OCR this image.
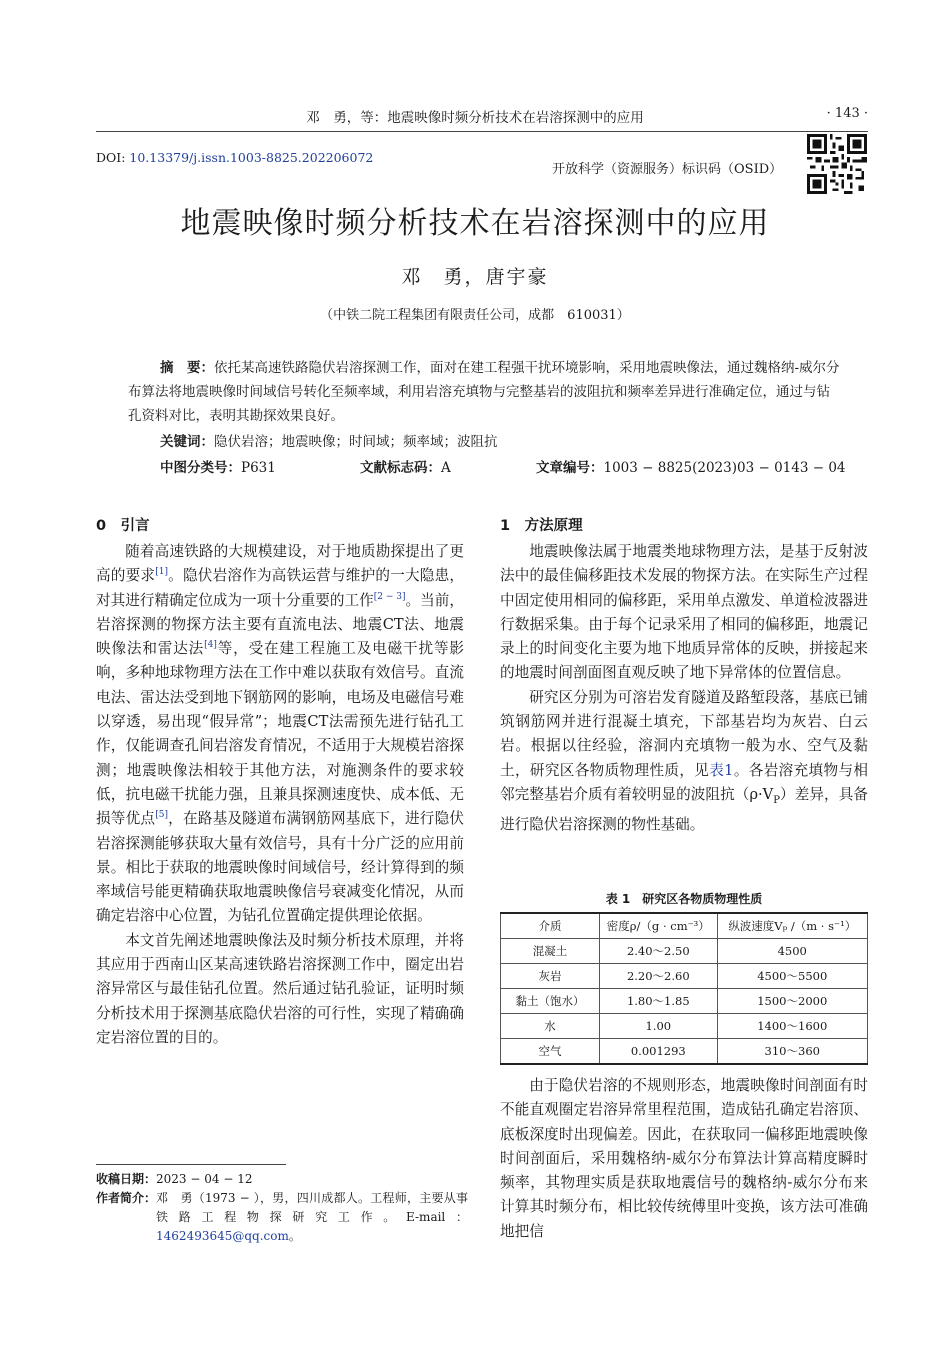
邓　勇，等：地震映像时频分析技术在岩溶探测中的应用	· 143 ·
DOI: 10.13379/j.issn.1003-8825.202206072
开放科学（资源服务）标识码（OSID）
地震映像时频分析技术在岩溶探测中的应用
邓　勇，唐宇豪
（中铁二院工程集团有限责任公司，成都　610031）
摘　要：依托某高速铁路隐伏岩溶探测工作，面对在建工程强干扰环境影响，采用地震映像法，通过魏格纳-威尔分布算法将地震映像时间域信号转化至频率域，利用岩溶充填物与完整基岩的波阻抗和频率差异进行准确定位，通过与钻孔资料对比，表明其勘探效果良好。
关键词：隐伏岩溶；地震映像；时间域；频率域；波阻抗
中图分类号：P631	文献标志码：A	文章编号：1003 − 8825(2023)03 − 0143 − 04
0　引言

随着高速铁路的大规模建设，对于地质勘探提出了更高的要求[1]。隐伏岩溶作为高铁运营与维护的一大隐患，对其进行精确定位成为一项十分重要的工作[2 − 3]。当前，岩溶探测的物探方法主要有直流电法、地震CT法、地震映像法和雷达法[4]等，受在建工程施工及电磁干扰等影响，多种地球物理方法在工作中难以获取有效信号。直流电法、雷达法受到地下钢筋网的影响，电场及电磁信号难以穿透，易出现“假异常”；地震CT法需预先进行钻孔工作，仅能调查孔间岩溶发育情况，不适用于大规模岩溶探测；地震映像法相较于其他方法，对施测条件的要求较低，抗电磁干扰能力强，且兼具探测速度快、成本低、无损等优点[5]，在路基及隧道布满钢筋网基底下，进行隐伏岩溶探测能够获取大量有效信号，具有十分广泛的应用前景。相比于获取的地震映像时间域信号，经计算得到的频率域信号能更精确获取地震映像信号衰减变化情况，从而确定岩溶中心位置，为钻孔位置确定提供理论依据。

本文首先阐述地震映像法及时频分析技术原理，并将其应用于西南山区某高速铁路岩溶探测工作中，圈定出岩溶异常区与最佳钻孔位置。然后通过钻孔验证，证明时频分析技术用于探测基底隐伏岩溶的可行性，实现了精确确定岩溶位置的目的。

收稿日期：2023 − 04 − 12
作者简介： 邓　勇（1973 − ），男，四川成都人。工程师，主要从事铁路工程物探研究工作。E-mail：1462493645@qq.com。
1　方法原理

地震映像法属于地震类地球物理方法，是基于反射波法中的最佳偏移距技术发展的物探方法。在实际生产过程中固定使用相同的偏移距，采用单点激发、单道检波器进行数据采集。由于每个记录采用了相同的偏移距，地震记录上的时间变化主要为地下地质异常体的反映，拼接起来的地震时间剖面图直观反映了地下异常体的位置信息。

研究区分别为可溶岩发育隧道及路堑段落，基底已铺筑钢筋网并进行混凝土填充，下部基岩均为灰岩、白云岩。根据以往经验，溶洞内充填物一般为水、空气及黏土，研究区各物质物理性质，见表1。各岩溶充填物与相邻完整基岩介质有着较明显的波阻抗$(\rho\cdot V_P)$差异，具备进行隐伏岩溶探测的物性基础。

表 1　研究区各物质物理性质
介质	密度ρ/（g · cm⁻³）	纵波速度Vₚ /（m · s⁻¹）
混凝土	2.40～2.50	4500
灰岩	2.20～2.60	4500～5500
黏土（饱水）	1.80～1.85	1500～2000
水	1.00	1400～1600
空气	0.001293	310～360

由于隐伏岩溶的不规则形态，地震映像时间剖面有时不能直观圈定岩溶异常里程范围，造成钻孔确定岩溶顶、底板深度时出现偏差。因此，在获取同一偏移距地震映像时间剖面后，采用魏格纳-威尔分布算法计算高精度瞬时频率，其物理实质是获取地震信号的魏格纳-威尔分布来计算其时频分布，相比较传统傅里叶变换，该方法可准确地把信
